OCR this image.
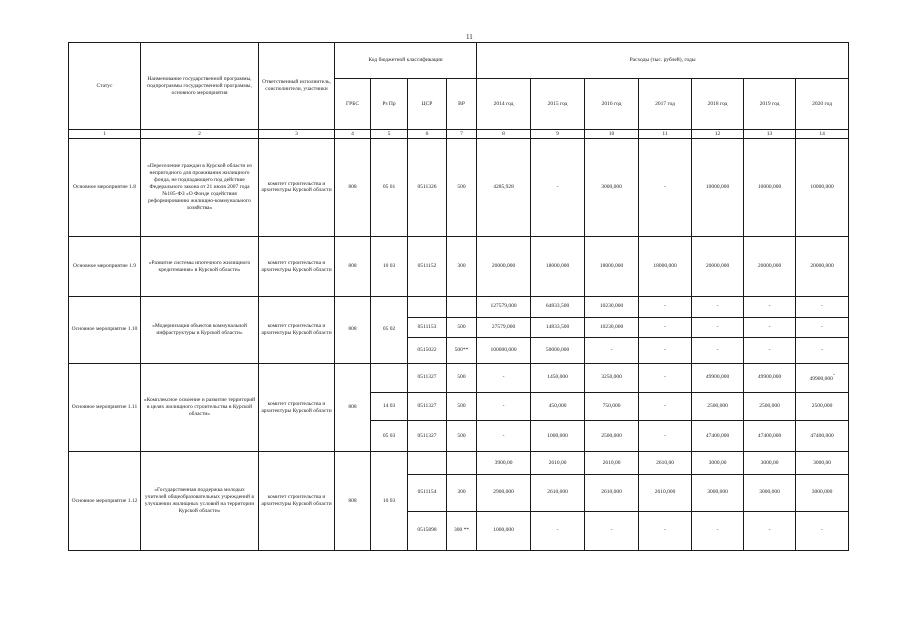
11
Статус	Наименование государственной программы, подпрограммы государственной программы, основного мероприятия	Ответственный исполнитель, соисполнители, участники	Код бюджетной классификации				Расходы (тыс. рублей), годы						
			ГРБС	Рз Пр	ЦСР	ВР	2014 год	2015 год	2016 год	2017 год	2018 год	2019 год	2020 год
1	2	3	4	5	6	7	8	9	10	11	12	13	14
Основное мероприятие 1.8	«Переселение граждан в Курской области из непригодного для проживания жилищного фонда, не подпадающего под действие Федерального закона от 21 июля 2007 года №185-ФЗ «О Фонде содействия реформированию жилищно-коммунального хозяйства»	комитет строительства и архитектуры Курской области	808	05 01	0511326	500	4285,928	-	3000,000	-	10000,000	10000,000	10000,000
Основное мероприятие 1.9	«Развитие системы ипотечного жилищного кредитования» в Курской области»	комитет строительства и архитектуры Курской области	808	10 03	0511152	300	20000,000	18000,000	18000,000	18000,000	20000,000	20000,000	20000,000
Основное мероприятие 1.10	«Модернизация объектов коммунальной инфраструктуры в Курской области»	комитет строительства и архитектуры Курской области	808	05 02			127579,000	64833,500	10230,000	-	-	-	-
					0511153	500	27579,000	14833,500	10230,000	-	-	-	-
					0515022	500**	100000,000	50000,000	-	-	-	-	-
Основное мероприятие 1.11	«Комплексное освоение и развитие территорий в целях жилищного строительства в Курской области»	комитет строительства и архитектуры Курской области	808		0511327	500	-	1450,000	3250,000	-	49900,000	49900,000	49900,000"
				14 03	0511327	500	-	450,000	750,000	-	2500,000	2500,000	2500,000
				05 03	0511327	500	-	1000,000	2500,000	-	47400,000	47400,000	47400,000
Основное мероприятие 1.12	«Государственная поддержка молодых учителей общеобразовательных учреждений в улучшении жилищных условий на территории Курской области»	комитет строительства и архитектуры Курской области	808	10 03			3900,00	2610,00	2610,00	2610,00	3000,00	3000,00	3000,00
					0511154	300	2900,000	2610,000	2610,000	2610,000	3000,000	3000,000	3000,000
					0515898	300 **	1000,000	-	-	-	-	-	-
